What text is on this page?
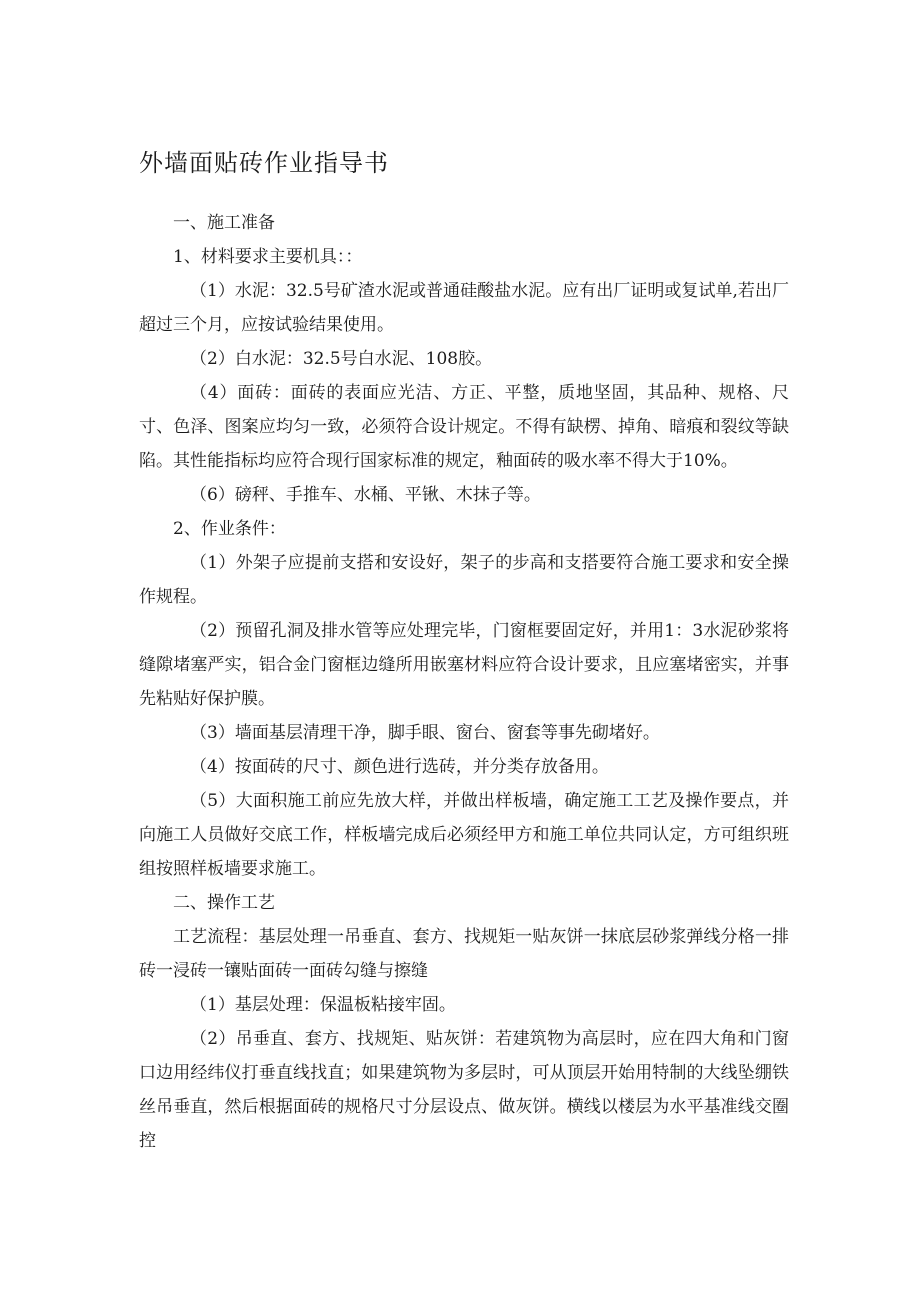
外墙面贴砖作业指导书

一、施工准备

1、材料要求主要机具：：

（1）水泥：32.5号矿渣水泥或普通硅酸盐水泥。应有出厂证明或复试单,若出厂超过三个月，应按试验结果使用。

（2）白水泥：32.5号白水泥、108胶。

（4）面砖：面砖的表面应光洁、方正、平整，质地坚固，其品种、规格、尺寸、色泽、图案应均匀一致，必须符合设计规定。不得有缺楞、掉角、暗痕和裂纹等缺陷。其性能指标均应符合现行国家标准的规定，釉面砖的吸水率不得大于10%。

（6）磅秤、手推车、水桶、平锹、木抹子等。

2、作业条件：

（1）外架子应提前支搭和安设好，架子的步高和支搭要符合施工要求和安全操作规程。

（2）预留孔洞及排水管等应处理完毕，门窗框要固定好，并用1：3水泥砂浆将缝隙堵塞严实，铝合金门窗框边缝所用嵌塞材料应符合设计要求，且应塞堵密实，并事先粘贴好保护膜。

（3）墙面基层清理干净，脚手眼、窗台、窗套等事先砌堵好。

（4）按面砖的尺寸、颜色进行选砖，并分类存放备用。

（5）大面积施工前应先放大样，并做出样板墙，确定施工工艺及操作要点，并向施工人员做好交底工作，样板墙完成后必须经甲方和施工单位共同认定，方可组织班组按照样板墙要求施工。

二、操作工艺

工艺流程：基层处理一吊垂直、套方、找规矩一贴灰饼一抹底层砂浆弹线分格一排砖一浸砖一镶贴面砖一面砖勾缝与擦缝

（1）基层处理：保温板粘接牢固。

（2）吊垂直、套方、找规矩、贴灰饼：若建筑物为高层时，应在四大角和门窗口边用经纬仪打垂直线找直；如果建筑物为多层时，可从顶层开始用特制的大线坠绷铁丝吊垂直，然后根据面砖的规格尺寸分层设点、做灰饼。横线以楼层为水平基准线交圈控
